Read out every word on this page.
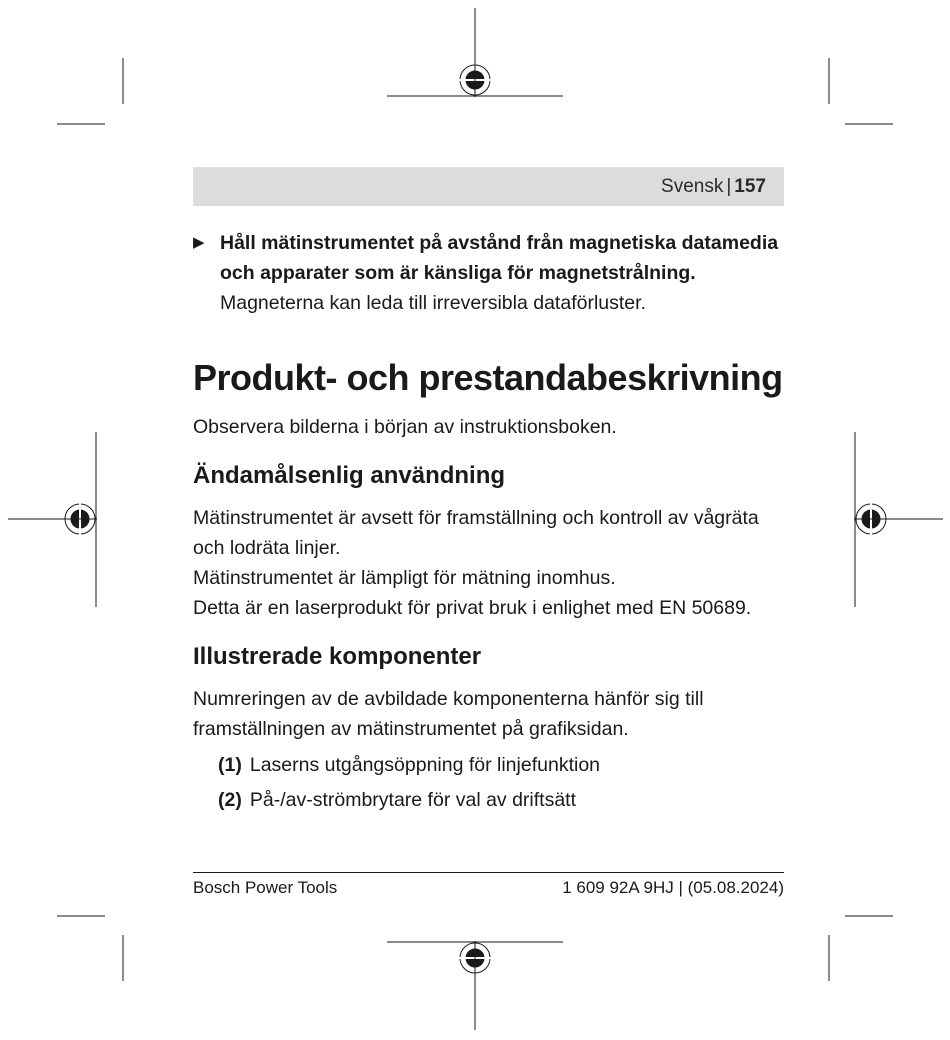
Svensk | 157
▶ Håll mätinstrumentet på avstånd från magnetiska datamedia och apparater som är känsliga för magnetstrålning. Magneterna kan leda till irreversibla dataförluster.
Produkt- och prestandabeskrivning

Observera bilderna i början av instruktionsboken.

Ändamålsenlig användning

Mätinstrumentet är avsett för framställning och kontroll av vågräta och lodräta linjer.

Mätinstrumentet är lämpligt för mätning inomhus.

Detta är en laserprodukt för privat bruk i enlighet med EN 50689.

Illustrerade komponenter

Numreringen av de avbildade komponenterna hänför sig till framställningen av mätinstrumentet på grafiksidan.

(1) Laserns utgångsöppning för linjefunktion
(2) På-/av-strömbrytare för val av driftsätt
Bosch Power Tools	1 609 92A 9HJ | (05.08.2024)
